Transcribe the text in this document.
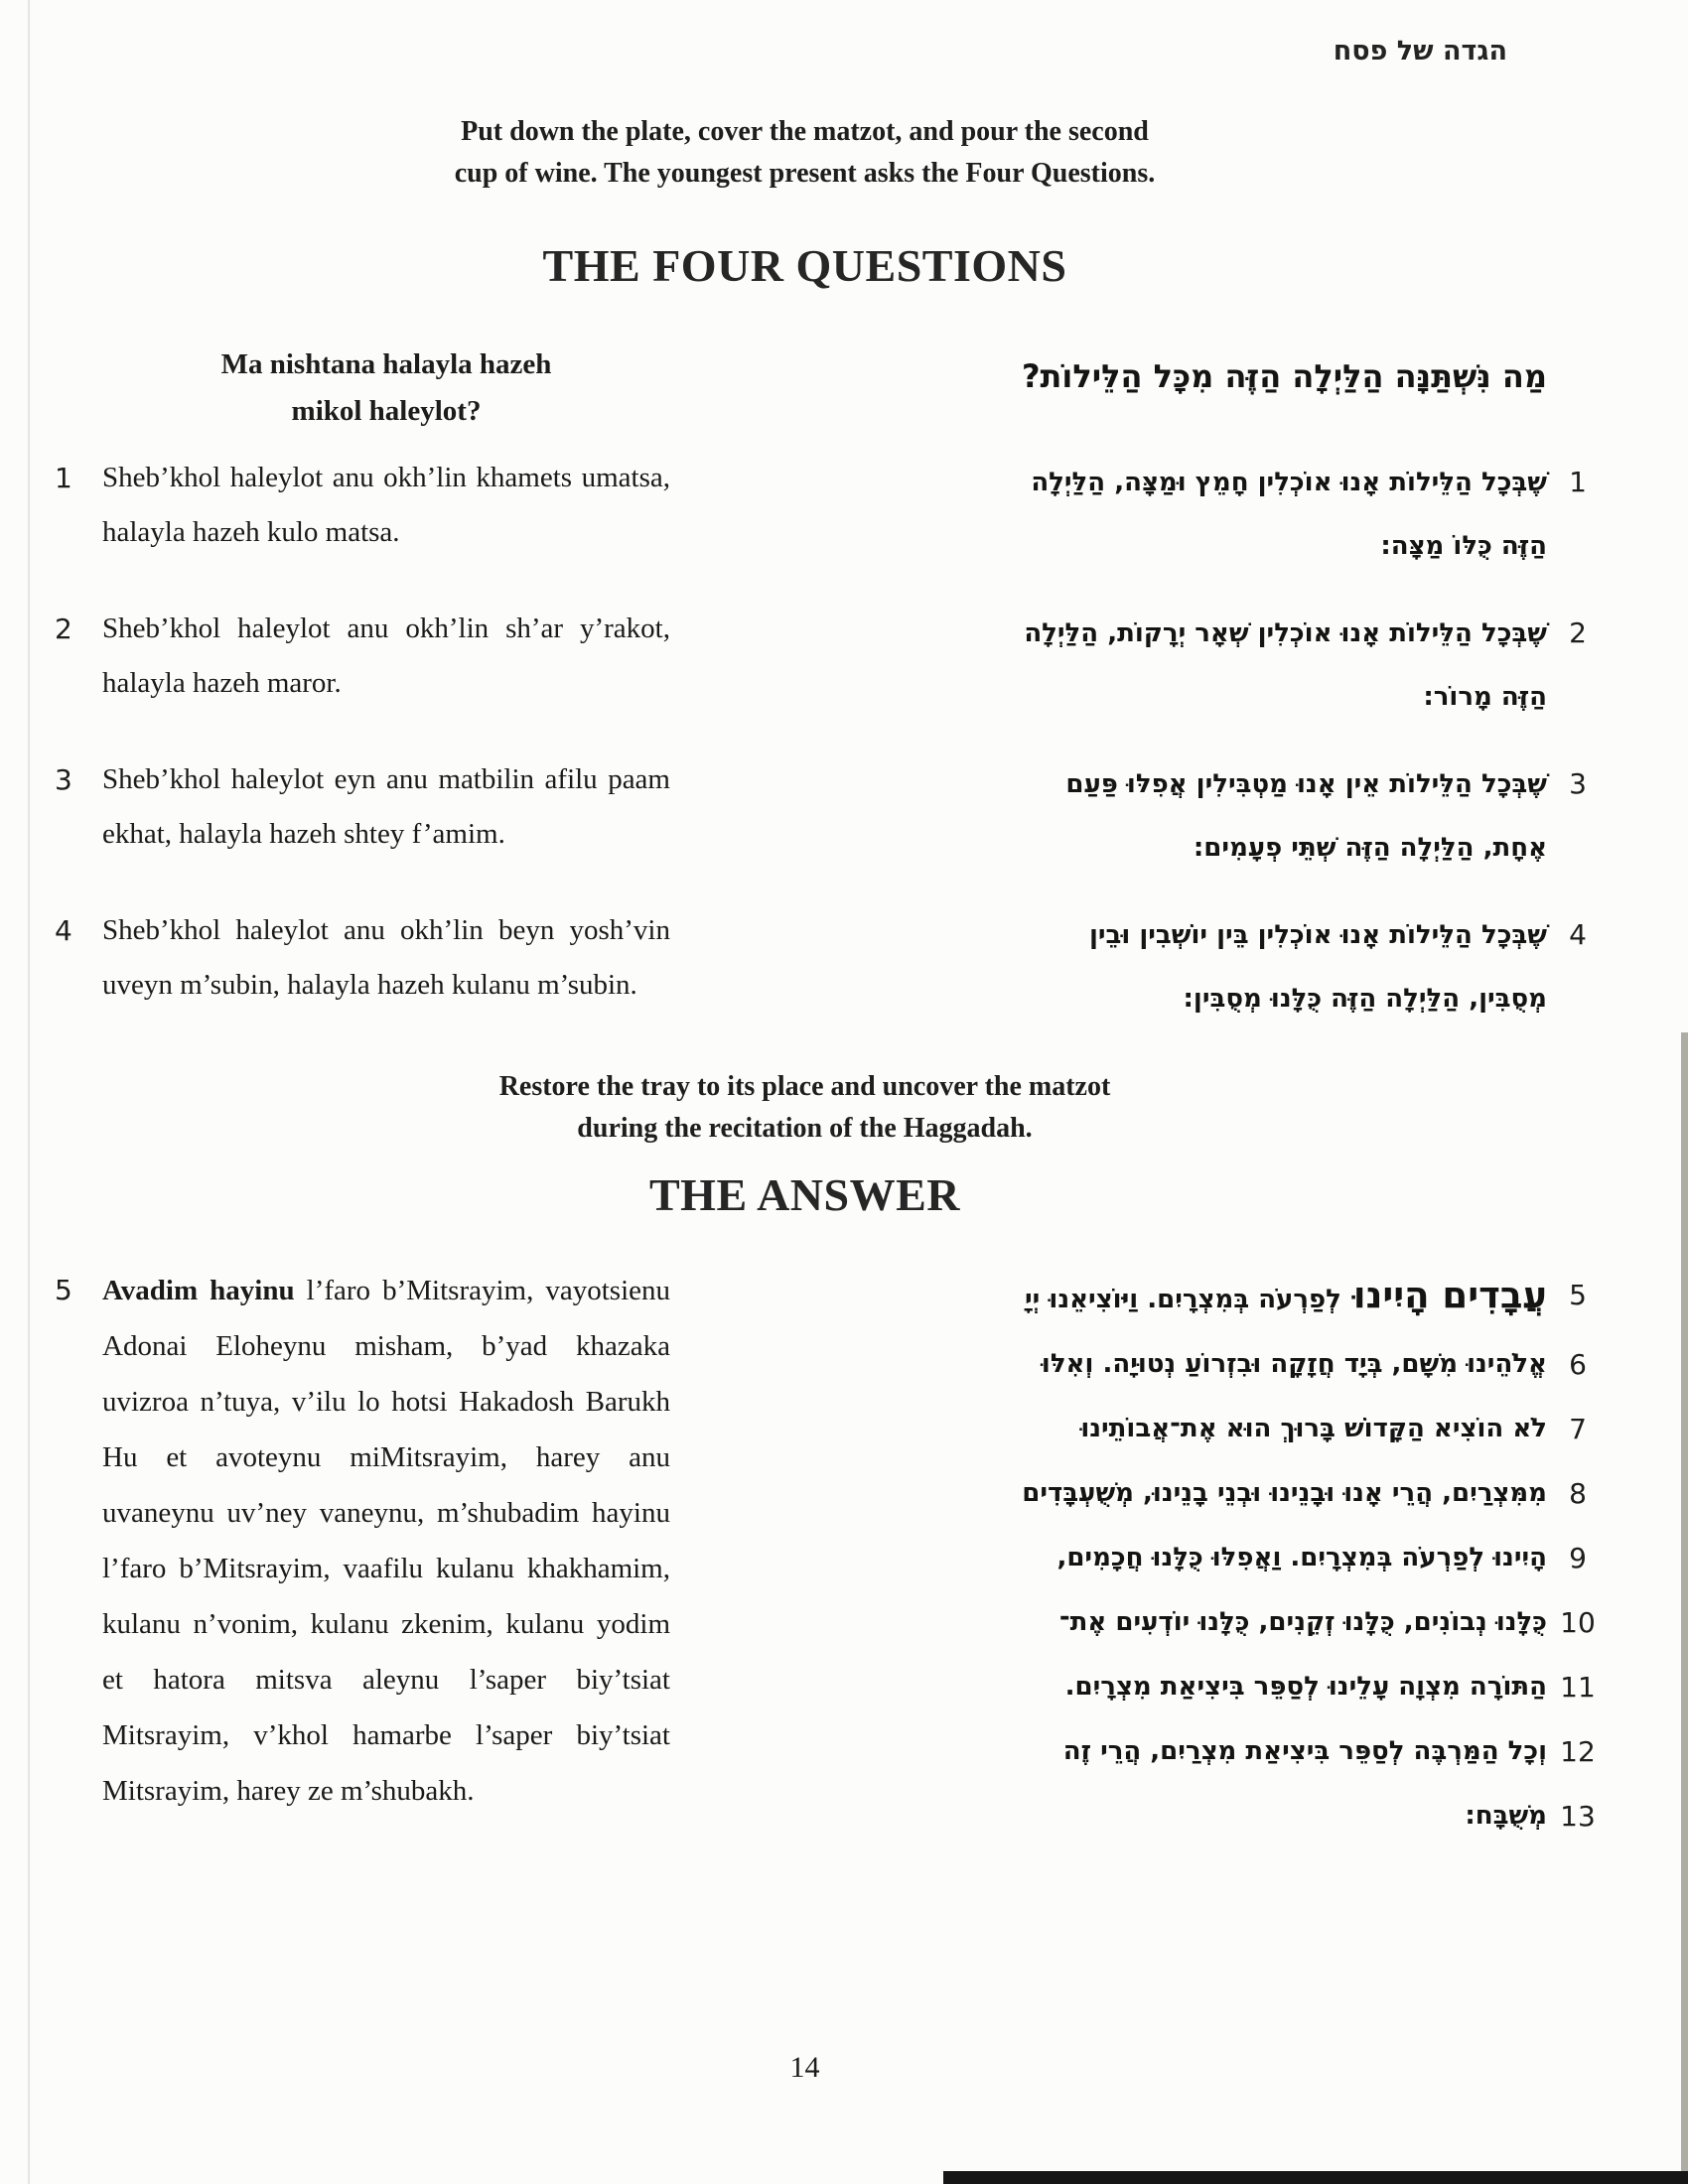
הגדה של פסח
Put down the plate, cover the matzot, and pour the second
cup of wine. The youngest present asks the Four Questions.
THE FOUR QUESTIONS
Ma nishtana halayla hazeh
mikol haleylot?
מַה נִּשְׁתַּנָּה הַלַּיְלָה הַזֶּה מִכָּל הַלֵּילוֹת?
1	Sheb’khol haleylot anu okh’lin khamets umatsa, halayla hazeh kulo matsa.

שֶׁבְּכָל הַלֵּילוֹת אָנוּ אוֹכְלִין חָמֵץ וּמַצָּה, הַלַּיְלָה
הַזֶּה כֻּלּוֹ מַצָּה:
1
2	Sheb’khol haleylot anu okh’lin sh’ar y’rakot, halayla hazeh maror.

שֶׁבְּכָל הַלֵּילוֹת אָנוּ אוֹכְלִין שְׁאָר יְרָקוֹת, הַלַּיְלָה
הַזֶּה מָרוֹר:
2
3	Sheb’khol haleylot eyn anu matbilin afilu paam ekhat, halayla hazeh shtey f’amim.

שֶׁבְּכָל הַלֵּילוֹת אֵין אָנוּ מַטְבִּילִין אֲפִלּוּ פַּעַם
אֶחָת, הַלַּיְלָה הַזֶּה שְׁתֵּי פְעָמִים:
3
4	Sheb’khol haleylot anu okh’lin beyn yosh’vin uveyn m’subin, halayla hazeh kulanu m’subin.

שֶׁבְּכָל הַלֵּילוֹת אָנוּ אוֹכְלִין בֵּין יוֹשְׁבִין וּבֵין
מְסֻבִּין, הַלַּיְלָה הַזֶּה כֻּלָּנוּ מְסֻבִּין:
4
Restore the tray to its place and uncover the matzot
during the recitation of the Haggadah.
THE ANSWER
5	Avadim hayinu l’faro b’Mitsrayim, vayotsienu Adonai Eloheynu misham, b’yad khazaka uvizroa n’tuya, v’ilu lo hotsi Hakadosh Barukh Hu et avoteynu miMitsrayim, harey anu uvaneynu uv’ney vaneynu, m’shubadim hayinu l’faro b’Mitsrayim, vaafilu kulanu khakhamim, kulanu n’vonim, kulanu zkenim, kulanu yodim et hatora mitsva aleynu l’saper biy’tsiat Mitsrayim, v’khol hamarbe l’saper biy’tsiat Mitsrayim, harey ze m’shubakh.

עֲבָדִים הָיִינוּלְפַרְעֹה בְּמִצְרָיִם. וַיּוֹצִיאֵנוּ יְיָ	5
אֱלֹהֵינוּ מִשָּׁם, בְּיָד חֲזָקָה וּבִזְרוֹעַ נְטוּיָה. וְאִלּוּ 6
לֹא הוֹצִיא הַקָּדוֹשׁ בָּרוּךְ הוּא אֶת־אֲבוֹתֵינוּ 7
מִמִּצְרַיִם, הֲרֵי אָנוּ וּבָנֵינוּ וּבְנֵי בָנֵינוּ, מְשֻׁעְבָּדִים 8
הָיִינוּ לְפַרְעֹה בְּמִצְרָיִם. וַאֲפִלּוּ כֻּלָּנוּ חֲכָמִים, 9
כֻּלָּנוּ נְבוֹנִים, כֻּלָּנוּ זְקֵנִים, כֻּלָּנוּ יוֹדְעִים אֶת־ 10
הַתּוֹרָה מִצְוָה עָלֵינוּ לְסַפֵּר בִּיצִיאַת מִצְרָיִם. 11
וְכָל הַמַּרְבֶּה לְסַפֵּר בִּיצִיאַת מִצְרַיִם, הֲרֵי זֶה 12
מְשֻׁבָּח: 13
14
